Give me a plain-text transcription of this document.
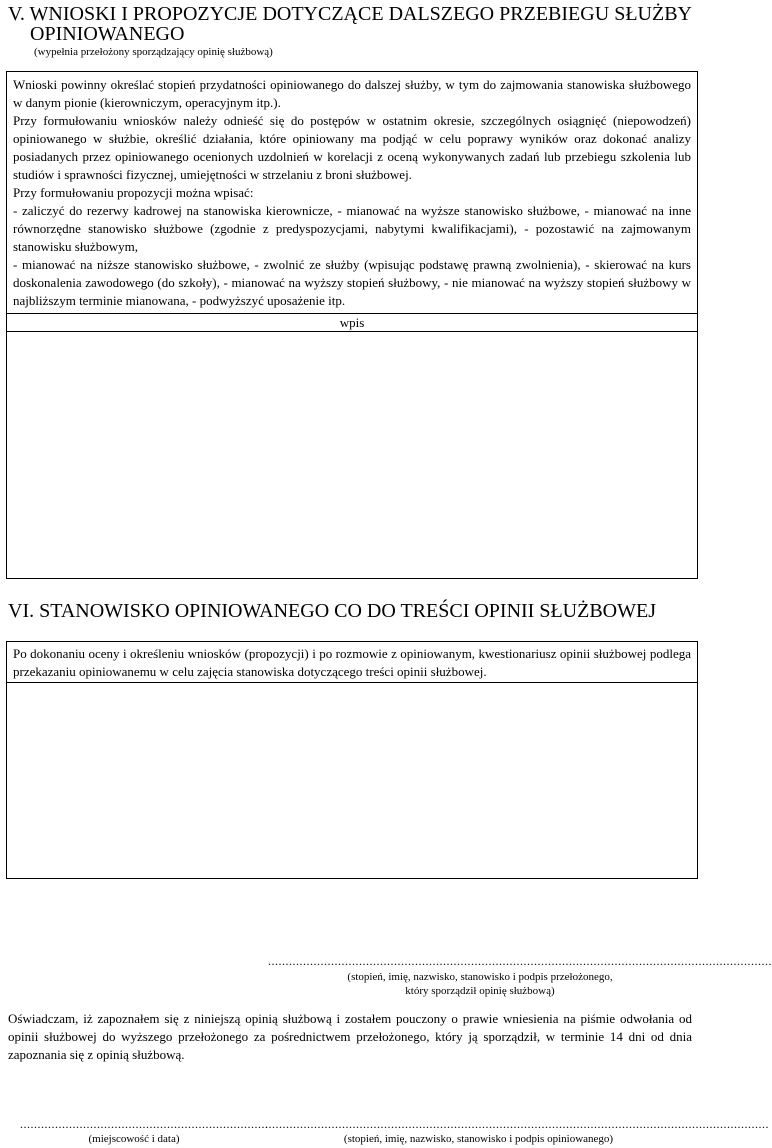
V. WNIOSKI I PROPOZYCJE DOTYCZĄCE DALSZEGO PRZEBIEGU SŁUŻBY
OPINIOWANEGO
(wypełnia przełożony sporządzający opinię służbową)

Wnioski powinny określać stopień przydatności opiniowanego do dalszej służby, w tym do zajmowania stanowiska służbowego w danym pionie (kierowniczym, operacyjnym itp.).

Przy formułowaniu wniosków należy odnieść się do postępów w ostatnim okresie, szczególnych osiągnięć (niepowodzeń) opiniowanego w służbie, określić działania, które opiniowany ma podjąć w celu poprawy wyników oraz dokonać analizy posiadanych przez opiniowanego ocenionych uzdolnień w korelacji z oceną wykonywanych zadań lub przebiegu szkolenia lub studiów i sprawności fizycznej, umiejętności w strzelaniu z broni służbowej.

Przy formułowaniu propozycji można wpisać:

- zaliczyć do rezerwy kadrowej na stanowiska kierownicze, - mianować na wyższe stanowisko służbowe, - mianować na inne równorzędne stanowisko służbowe (zgodnie z predyspozycjami, nabytymi kwalifikacjami), - pozostawić na zajmowanym stanowisku służbowym,

- mianować na niższe stanowisko służbowe, - zwolnić ze służby (wpisując podstawę prawną zwolnienia), - skierować na kurs doskonalenia zawodowego (do szkoły), - mianować na wyższy stopień służbowy, - nie mianować na wyższy stopień służbowy w najbliższym terminie mianowana, - podwyższyć uposażenie itp.

wpis
VI. STANOWISKO OPINIOWANEGO CO DO TREŚCI OPINII SŁUŻBOWEJ

Po dokonaniu oceny i określeniu wniosków (propozycji) i po rozmowie z opiniowanym, kwestionariusz opinii służbowej podlega przekazaniu opiniowanemu w celu zajęcia stanowiska dotyczącego treści opinii służbowej.

................................................................................................................................................
(stopień, imię, nazwisko, stanowisko i podpis przełożonego,
który sporządził opinię służbową)

Oświadczam, iż zapoznałem się z niniejszą opinią służbową i zostałem pouczony o prawie wniesienia na piśmie odwołania od opinii służbowej do wyższego przełożonego za pośrednictwem przełożonego, który ją sporządził, w terminie 14 dni od dnia zapoznania się z opinią służbową.

.......................................................................
(miejscowość i data)
................................................................................................................................................
(stopień, imię, nazwisko, stanowisko i podpis opiniowanego)
